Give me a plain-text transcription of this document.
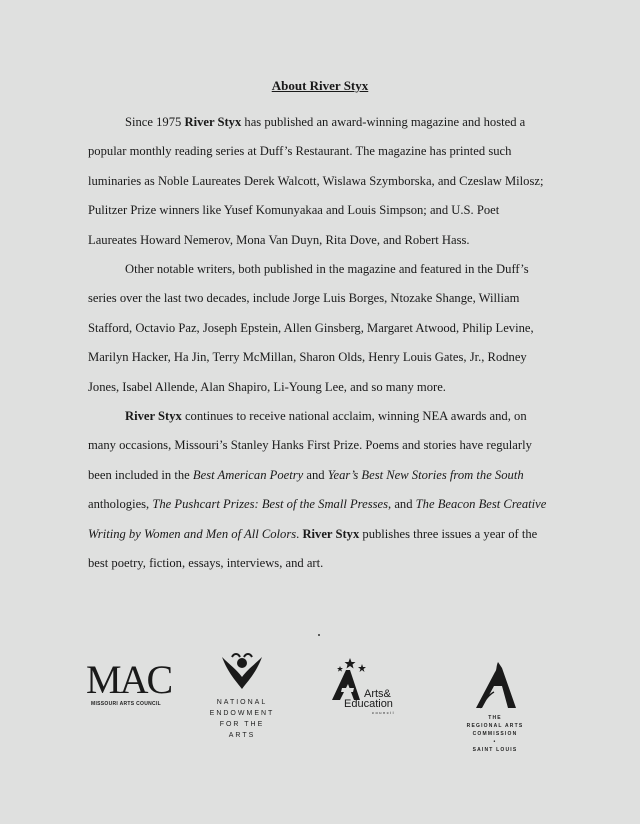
About River Styx

Since 1975 River Styx has published an award-winning magazine and hosted a popular monthly reading series at Duff’s Restaurant. The magazine has printed such luminaries as Noble Laureates Derek Walcott, Wislawa Szymborska, and Czeslaw Milosz; Pulitzer Prize winners like Yusef Komunyakaa and Louis Simpson; and U.S. Poet Laureates Howard Nemerov, Mona Van Duyn, Rita Dove, and Robert Hass.

Other notable writers, both published in the magazine and featured in the Duff’s series over the last two decades, include Jorge Luis Borges, Ntozake Shange, William Stafford, Octavio Paz, Joseph Epstein, Allen Ginsberg, Margaret Atwood, Philip Levine, Marilyn Hacker, Ha Jin, Terry McMillan, Sharon Olds, Henry Louis Gates, Jr., Rodney Jones, Isabel Allende, Alan Shapiro, Li-Young Lee, and so many more.

River Styx continues to receive national acclaim, winning NEA awards and, on many occasions, Missouri’s Stanley Hanks First Prize. Poems and stories have regularly been included in the Best American Poetry and Year’s Best New Stories from the South anthologies, The Pushcart Prizes: Best of the Small Presses, and The Beacon Best Creative Writing by Women and Men of All Colors. River Styx publishes three issues a year of the best poetry, fiction, essays, interviews, and art.

MAC
MISSOURI ARTS COUNCIL	NATIONAL
ENDOWMENT
FOR THE ARTS
Arts&
Education
council
THE
REGIONAL ARTS
COMMISSION
•
SAINT LOUIS
